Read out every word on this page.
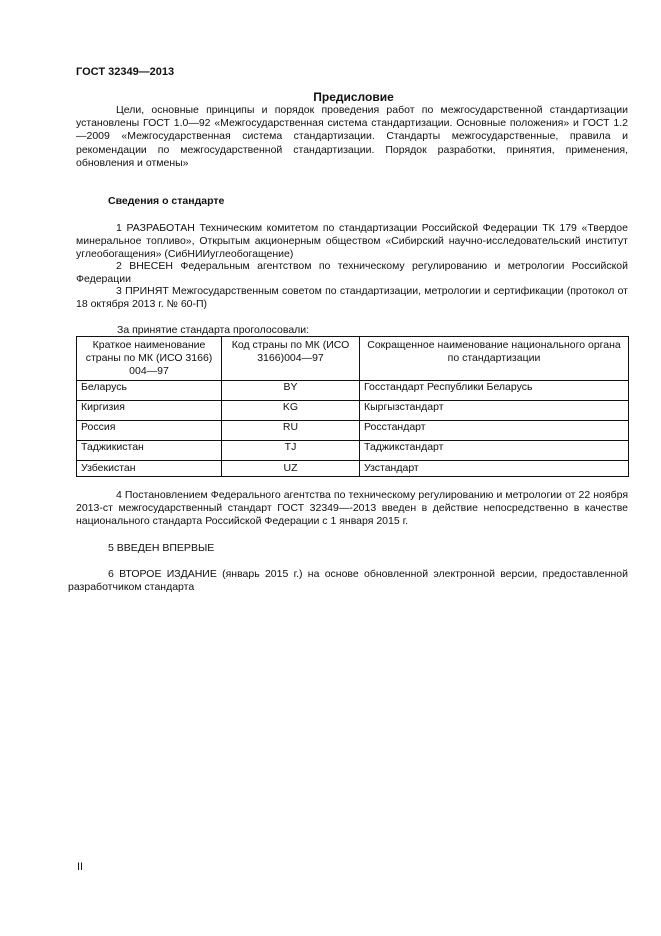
ГОСТ 32349—2013
Предисловие
Цели, основные принципы и порядок проведения работ по межгосударственной стандартизации установлены ГОСТ 1.0—92 «Межгосударственная система стандартизации. Основные положения» и ГОСТ 1.2—2009 «Межгосударственная система стандартизации. Стандарты межгосударственные, правила и рекомендации по межгосударственной стандартизации. Порядок разработки, принятия, применения, обновления и отмены»
Сведения о стандарте
1 РАЗРАБОТАН Техническим комитетом по стандартизации Российской Федерации ТК 179 «Твердое минеральное топливо», Открытым акционерным обществом «Сибирский научно-исследовательский институт углеобогащения» (СибНИИуглеобогащение)
2 ВНЕСЕН Федеральным агентством по техническому регулированию и метрологии Российской Федерации
3 ПРИНЯТ Межгосударственным советом по стандартизации, метрологии и сертификации (протокол от 18 октября 2013 г. № 60-П)
За принятие стандарта проголосовали:
Краткое наименование страны по МК (ИСО 3166) 004—97	Код страны по МК (ИСО 3166)004—97	Сокращенное наименование национального органа по стандартизации
Беларусь	BY	Госстандарт Республики Беларусь
Киргизия	KG	Кыргызстандарт
Россия	RU	Росстандарт
Таджикистан	TJ	Таджикстандарт
Узбекистан	UZ	Узстандарт
4 Постановлением Федерального агентства по техническому регулированию и метрологии от 22 ноября 2013-ст межгосударственный стандарт ГОСТ 32349—-2013 введен в действие непосредственно в качестве национального стандарта Российской Федерации с 1 января 2015 г.
5 ВВЕДЕН ВПЕРВЫЕ
6 ВТОРОЕ ИЗДАНИЕ (январь 2015 г.) на основе обновленной электронной версии, предоставленной разработчиком стандарта
II
